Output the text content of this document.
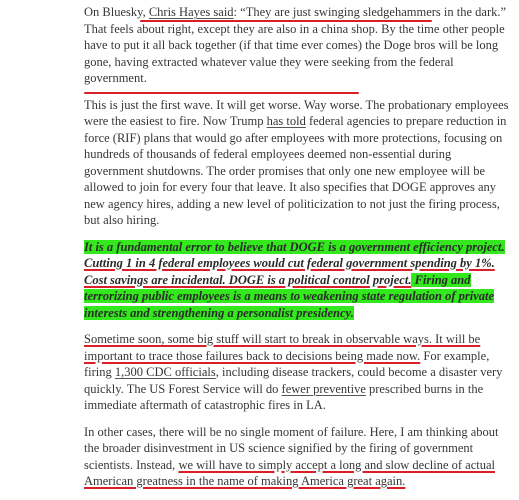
On Bluesky, Chris Hayes said: “They are just swinging sledgehammers in the dark.” That feels about right, except they are also in a china shop. By the time other people have to put it all back together (if that time ever comes) the Doge bros will be long gone, having extracted whatever value they were seeking from the federal government.

This is just the first wave. It will get worse. Way worse. The probationary employees were the easiest to fire. Now Trump has told federal agencies to prepare reduction in force (RIF) plans that would go after employees with more protections, focusing on hundreds of thousands of federal employees deemed non-essential during government shutdowns. The order promises that only one new employee will be allowed to join for every four that leave. It also specifies that DOGE approves any new agency hires, adding a new level of politicization to not just the firing process, but also hiring.

It is a fundamental error to believe that DOGE is a government efficiency project. Cutting 1 in 4 federal employees would cut federal government spending by 1%. Cost savings are incidental. DOGE is a political control project. Firing and terrorizing public employees is a means to weakening state regulation of private interests and strengthening a personalist presidency.

Sometime soon, some big stuff will start to break in observable ways. It will be important to trace those failures back to decisions being made now. For example, firing 1,300 CDC officials, including disease trackers, could become a disaster very quickly. The US Forest Service will do fewer preventive prescribed burns in the immediate aftermath of catastrophic fires in LA.

In other cases, there will be no single moment of failure. Here, I am thinking about the broader disinvestment in US science signified by the firing of government scientists. Instead, we will have to simply accept a long and slow decline of actual American greatness in the name of making America great again.
